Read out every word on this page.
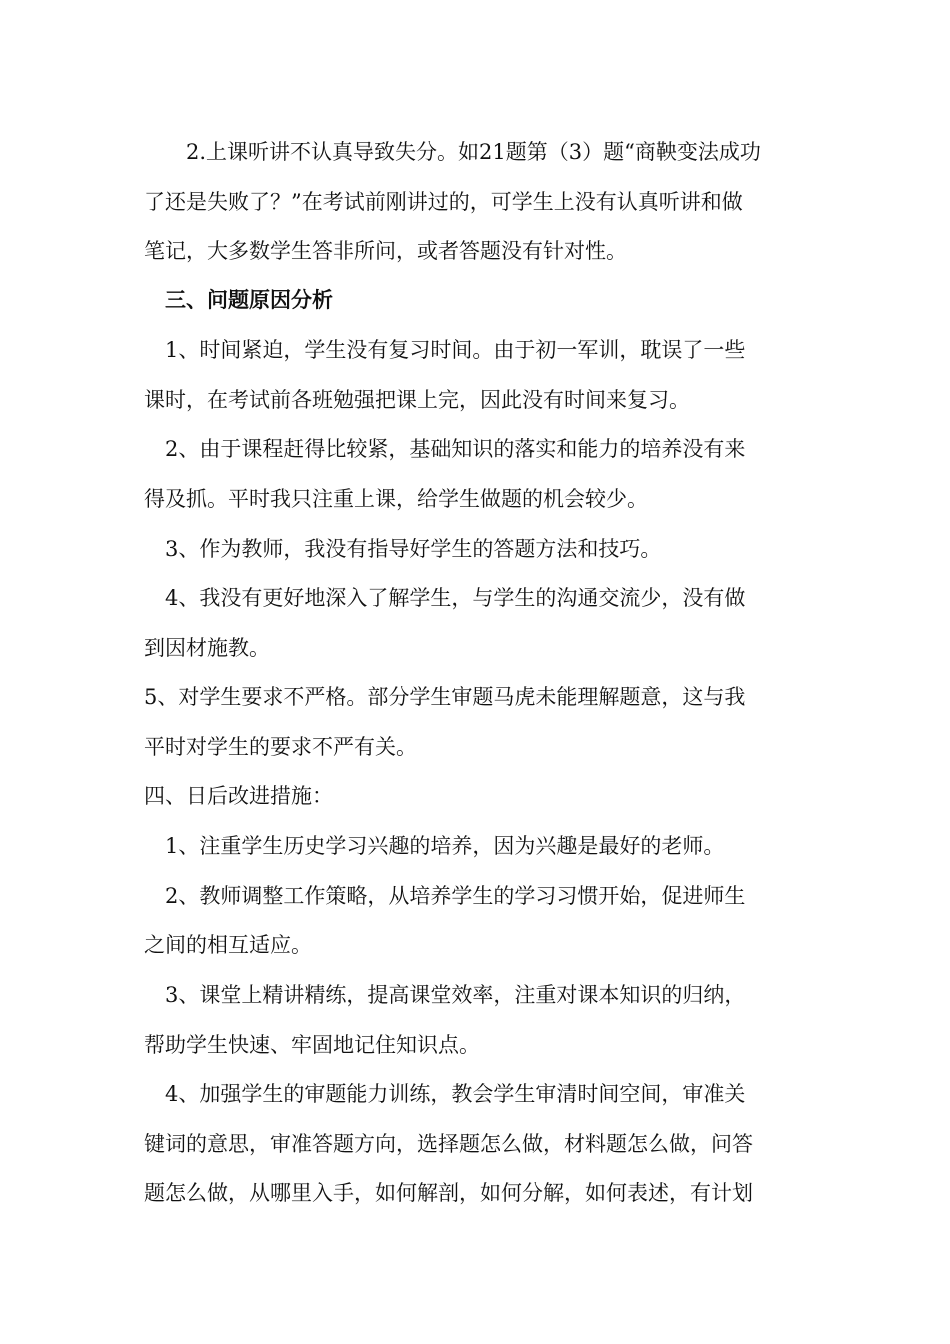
　　2.上课听讲不认真导致失分。如21题第（3）题“商鞅变法成功
了还是失败了？”在考试前刚讲过的，可学生上没有认真听讲和做
笔记，大多数学生答非所问，或者答题没有针对性。
　三、问题原因分析
　1、时间紧迫，学生没有复习时间。由于初一军训，耽误了一些
课时，在考试前各班勉强把课上完，因此没有时间来复习。
　2、由于课程赶得比较紧，基础知识的落实和能力的培养没有来
得及抓。平时我只注重上课，给学生做题的机会较少。
　3、作为教师，我没有指导好学生的答题方法和技巧。
　4、我没有更好地深入了解学生，与学生的沟通交流少，没有做
到因材施教。
5、对学生要求不严格。部分学生审题马虎未能理解题意，这与我
平时对学生的要求不严有关。
四、日后改进措施：
　1、注重学生历史学习兴趣的培养，因为兴趣是最好的老师。
　2、教师调整工作策略，从培养学生的学习习惯开始，促进师生
之间的相互适应。
　3、课堂上精讲精练，提高课堂效率，注重对课本知识的归纳，
帮助学生快速、牢固地记住知识点。
　4、加强学生的审题能力训练，教会学生审清时间空间，审准关
键词的意思，审准答题方向，选择题怎么做，材料题怎么做，问答
题怎么做，从哪里入手，如何解剖，如何分解，如何表述，有计划
